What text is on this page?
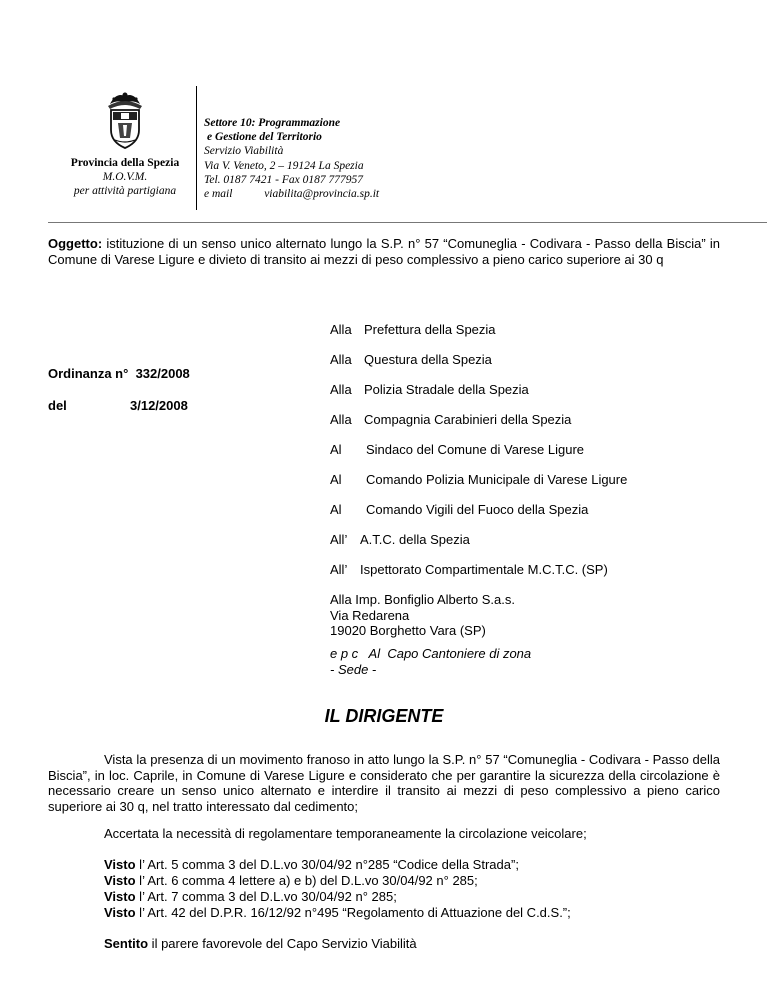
Provincia della Spezia
M.O.V.M.
per attività partigiana
Settore 10: Programmazione
e Gestione del Territorio
Servizio Viabilità
Via V. Veneto, 2 – 19124 La Spezia
Tel. 0187 7421 - Fax 0187 777957
e mail	viabilita@provincia.sp.it
Oggetto: istituzione di un senso unico alternato lungo la S.P. n° 57 “Comuneglia - Codivara - Passo della Biscia” in Comune di Varese Ligure e divieto di transito ai mezzi di peso complessivo a pieno carico superiore ai 30 q
Ordinanza n° 332/2008
del	3/12/2008
Alla Prefettura della Spezia
Alla Questura della Spezia
Alla Polizia Stradale della Spezia
Alla Compagnia Carabinieri della Spezia
Al Sindaco del Comune di Varese Ligure
Al Comando Polizia Municipale di Varese Ligure
Al Comando Vigili del Fuoco della Spezia
All’ A.T.C. della Spezia
All’ Ispettorato Compartimentale M.C.T.C. (SP)
Alla Imp. Bonfiglio Alberto S.a.s.
Via Redarena
19020 Borghetto Vara (SP)
e p c   Al  Capo Cantoniere di zona
- Sede -
IL DIRIGENTE
Vista la presenza di un movimento franoso in atto lungo la S.P. n° 57 “Comuneglia - Codivara - Passo della Biscia”, in loc. Caprile, in Comune di Varese Ligure e considerato che per garantire la sicurezza della circolazione è necessario creare un senso unico alternato e interdire il transito ai mezzi di peso complessivo a pieno carico superiore ai 30 q, nel tratto interessato dal cedimento;
Accertata la necessità di regolamentare temporaneamente la circolazione veicolare;
Visto l’ Art. 5 comma 3 del D.L.vo 30/04/92 n°285 “Codice della Strada”;
Visto l’ Art. 6 comma 4 lettere a) e b) del D.L.vo 30/04/92 n° 285;
Visto l’ Art. 7 comma 3 del D.L.vo 30/04/92 n° 285;
Visto l’ Art. 42 del D.P.R. 16/12/92 n°495 “Regolamento di Attuazione del C.d.S.”;
Sentito il parere favorevole del Capo Servizio Viabilità
